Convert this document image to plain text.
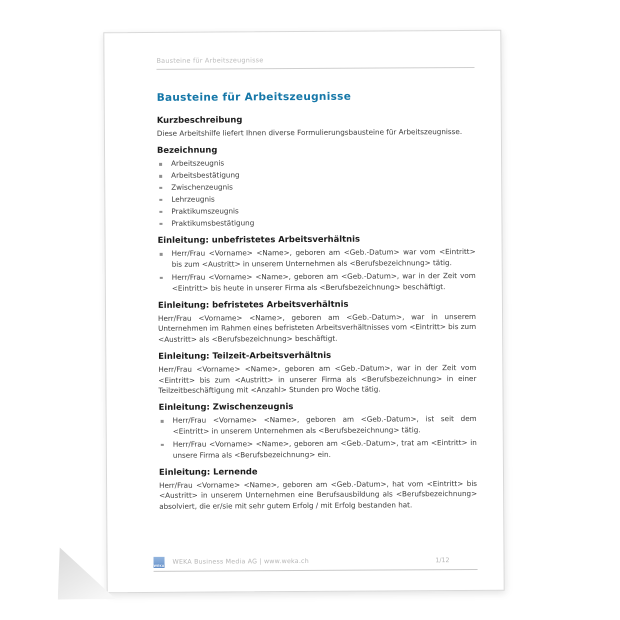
Bausteine für Arbeitszeugnisse
Bausteine für Arbeitszeugnisse
Kurzbeschreibung

Diese Arbeitshilfe liefert Ihnen diverse Formulierungsbausteine für Arbeitszeugnisse.

Bezeichnung
Arbeitszeugnis
Arbeitsbestätigung
Zwischenzeugnis
Lehrzeugnis
Praktikumszeugnis
Praktikumsbestätigung
Einleitung: unbefristetes Arbeitsverhältnis
Herr/Frau <Vorname> <Name>, geboren am <Geb.-Datum> war vom <Eintritt> bis zum <Austritt> in unserem Unternehmen als <Berufsbezeichnung> tätig.
Herr/Frau <Vorname> <Name>, geboren am <Geb.-Datum>, war in der Zeit vom <Eintritt> bis heute in unserer Firma als <Berufsbezeichnung> beschäftigt.
Einleitung: befristetes Arbeitsverhältnis

Herr/Frau <Vorname> <Name>, geboren am <Geb.-Datum>, war in unserem Unternehmen im Rahmen eines befristeten Arbeitsverhältnisses vom <Eintritt> bis zum <Austritt> als <Berufsbezeichnung> beschäftigt.

Einleitung: Teilzeit-Arbeitsverhältnis

Herr/Frau <Vorname> <Name>, geboren am <Geb.-Datum>, war in der Zeit vom <Eintritt> bis zum <Austritt> in unserer Firma als <Berufsbezeichnung> in einer Teilzeitbeschäftigung mit <Anzahl> Stunden pro Woche tätig.

Einleitung: Zwischenzeugnis
Herr/Frau <Vorname> <Name>, geboren am <Geb.-Datum>, ist seit dem <Eintritt> in unserem Unternehmen als <Berufsbezeichnung> tätig.
Herr/Frau <Vorname> <Name>, geboren am <Geb.-Datum>, trat am <Eintritt> in unsere Firma als <Berufsbezeichnung> ein.
Einleitung: Lernende

Herr/Frau <Vorname> <Name>, geboren am <Geb.-Datum>, hat vom <Eintritt> bis <Austritt> in unserem Unternehmen eine Berufsausbildung als <Berufsbezeichnung> absolviert, die er/sie mit sehr gutem Erfolg / mit Erfolg bestanden hat.

WEKA
WEKA Business Media AG | www.weka.ch	1/12
